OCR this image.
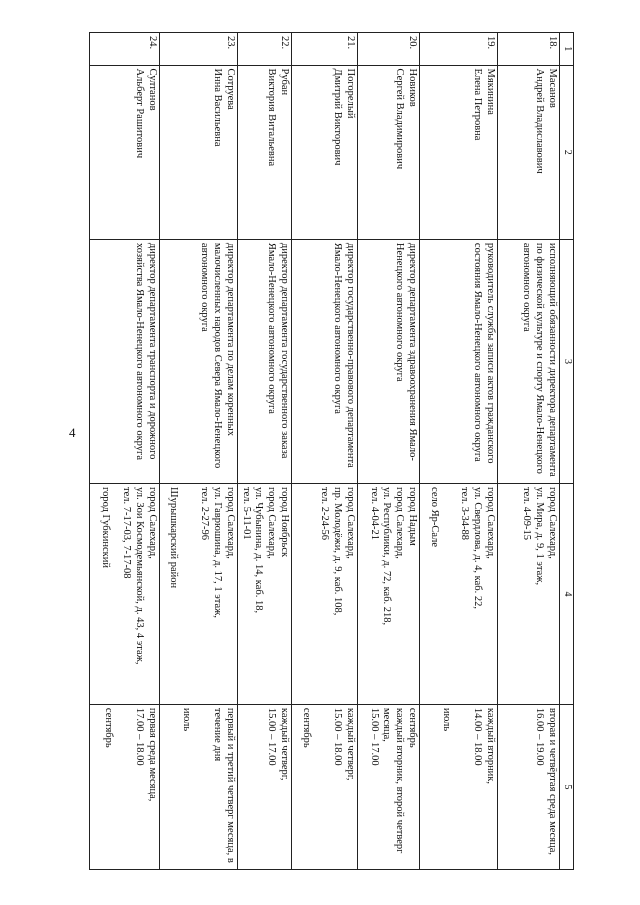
4
1	2	3	4	5
18.	Масанов
Андрей Владиславович	исполняющий обязанности директора департамента по физической культуре и спорту Ямало-Ненецкого автономного округа	город Салехард,
ул. Мира, д. 9, 1 этаж,
тел. 4-09-15	вторая и четвёртая среда месяца,
16.00 – 19.00

19.	Мякинина
Елена Петровна	руководитель службы записи актов гражданского состояния Ямало-Ненецкого автономного округа	город Салехард,
ул. Свердлова, д. 4, каб. 22,
тел. 3-34-88
село Яр-Сале	каждый вторник,
14.00 – 18.00
июль

20.	Новиков
Сергей Владимирович	директор департамента здравоохранения Ямало-Ненецкого автономного округа	город Надым
город Салехард,
ул. Республики, д. 72, каб. 218,
тел. 4-04-21	сентябрь
каждый вторник, второй четверг месяца,
15.00 – 17.00

21.	Погорелый
Дмитрий Викторович	директор государственно-правового департамента Ямало-Ненецкого автономного округа	город Салехард,
пр. Молодёжи, д. 9, каб. 108,
тел. 2-24-56	каждый четверг,
15.00 – 18.00
сентябрь

22.	Рубан
Виктория Витальевна	директор департамента государственного заказа Ямало-Ненецкого автономного округа	город Ноябрьск
город Салехард,
ул. Чубынина, д. 14, каб. 18,
тел. 5-11-01	каждый четверг,
15.00 – 17.00

23.	Сотруева
Инна Васильевна	директор департамента по делам коренных малочисленных народов Севера Ямало-Ненецкого автономного округа	город Салехард,
ул. Гаврюшина, д. 17, 1 этаж,
тел. 2-27-96
Шурышкарский район	первый и третий четверг месяца, в течение дня
июль

24.	Султанов
Альберт Рашитович	директор департамента транспорта и дорожного хозяйства Ямало-Ненецкого автономного округа	город Салехард,
ул. Зои Космодемьянской, д. 43, 4 этаж,
тел. 7-17-03, 7-17-08
город Губкинский	первая среда месяца,
17.00 – 18.00
сентябрь
